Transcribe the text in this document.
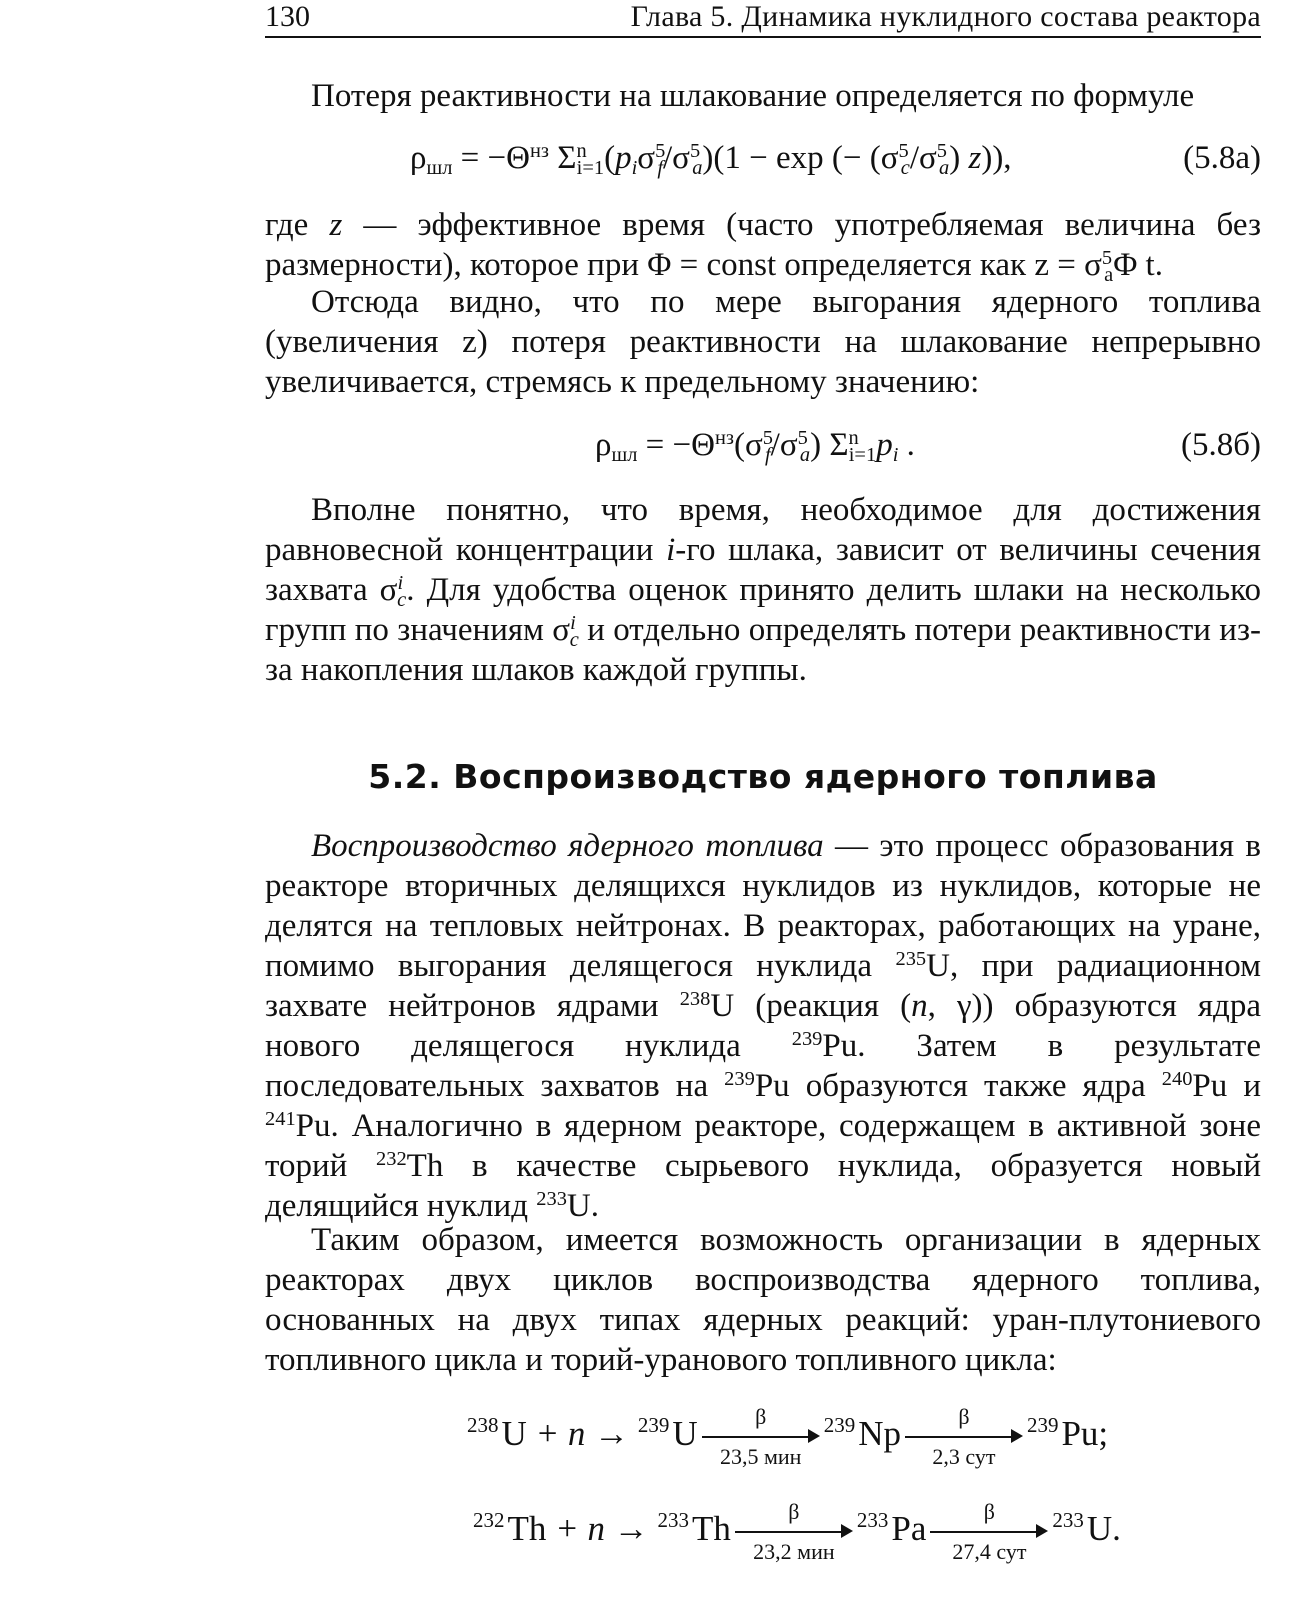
130	Глава 5. Динамика нуклидного состава реактора

Потеря реактивности на шлакование определяется по формуле

$\rho_{шл} = -\Theta^{нз}$ $\Sigma^n_{i=1}(p_i\sigma^5_f/\sigma^5_a)(1 - \exp$ (− $(\sigma^5_c/\sigma^5_a)$ z)),	(5.8а)

где z — эффективное время (часто употребляемая величина без размерности), которое при Φ = const определяется как $z = \sigma^5_a\Phi$ t.

Отсюда видно, что по мере выгорания ядерного топлива (увеличения z) потеря реактивности на шлакование непрерывно увеличивается, стремясь к предельному значению:

$\rho_{шл} = -\Theta^{нз}(\sigma^5_f/\sigma^5_a)$ $\Sigma^n_{i=1}p_i$ .	(5.8б)

Вполне понятно, что время, необходимое для достижения равновесной концентрации i-го шлака, зависит от величины сечения захвата $\sigma^i_c$. Для удобства оценок принято делить шлаки на несколько групп по значениям $\sigma^i_c$ и отдельно определять потери реактивности из-за накопления шлаков каждой группы.

5.2. Воспроизводство ядерного топлива

Воспроизводство ядерного топлива — это процесс образования в реакторе вторичных делящихся нуклидов из нуклидов, которые не делятся на тепловых нейтронах. В реакторах, работающих на уране, помимо выгорания делящегося нуклида $^{235}$U, при радиационном захвате нейтронов ядрами $^{238}$U (реакция (n, γ)) образуются ядра нового делящегося нуклида $^{239}$Pu. Затем в результате последовательных захватов на $^{239}$Pu образуются также ядра $^{240}$Pu и $^{241}$Pu. Аналогично в ядерном реакторе, содержащем в активной зоне торий $^{232}$Th в качестве сырьевого нуклида, образуется новый делящийся нуклид $^{233}$U.

Таким образом, имеется возможность организации в ядерных реакторах двух циклов воспроизводства ядерного топлива, основанных на двух типах ядерных реакций: уран-плутониевого топливного цикла и торий-уранового топливного цикла:

$^{238}$U + n → $^{239}$U	β
23,5 мин
$^{239}$Np	β
2,3 сут
$^{239}$Pu;
$^{232}$Th + n → $^{233}$Th	β
23,2 мин
$^{233}$Pa	β
27,4 сут
$^{233}$U.
